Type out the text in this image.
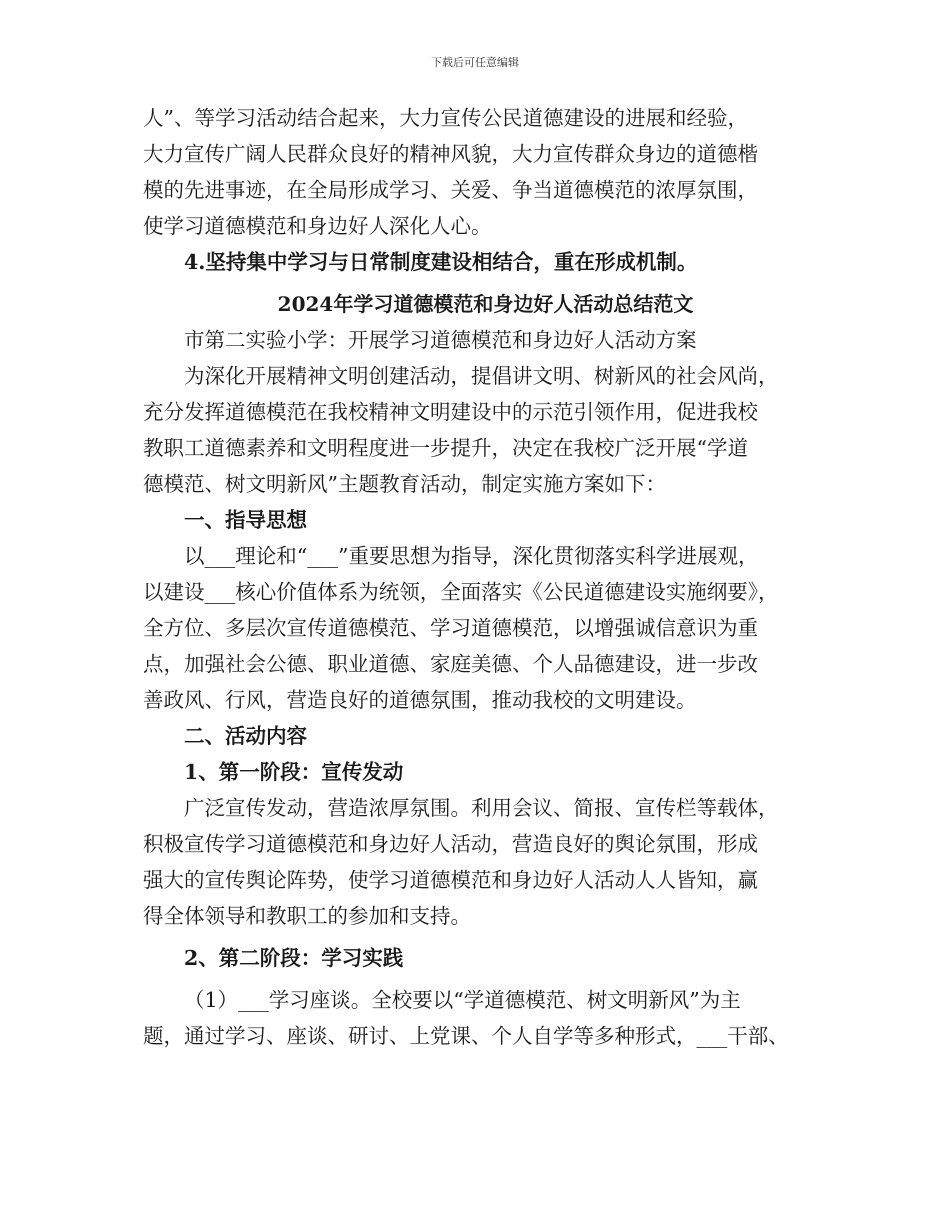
下载后可任意编辑
人”、等学习活动结合起来，大力宣传公民道德建设的进展和经验，
大力宣传广阔人民群众良好的精神风貌，大力宣传群众身边的道德楷
模的先进事迹，在全局形成学习、关爱、争当道德模范的浓厚氛围，
使学习道德模范和身边好人深化人心。
4.坚持集中学习与日常制度建设相结合，重在形成机制。
2024年学习道德模范和身边好人活动总结范文
市第二实验小学：开展学习道德模范和身边好人活动方案
为深化开展精神文明创建活动，提倡讲文明、树新风的社会风尚，
充分发挥道德模范在我校精神文明建设中的示范引领作用，促进我校
教职工道德素养和文明程度进一步提升，决定在我校广泛开展“学道
德模范、树文明新风”主题教育活动，制定实施方案如下：
一、指导思想
以___理论和“___”重要思想为指导，深化贯彻落实科学进展观，
以建设___核心价值体系为统领，全面落实《公民道德建设实施纲要》，
全方位、多层次宣传道德模范、学习道德模范，以增强诚信意识为重
点，加强社会公德、职业道德、家庭美德、个人品德建设，进一步改
善政风、行风，营造良好的道德氛围，推动我校的文明建设。
二、活动内容
1、第一阶段：宣传发动
广泛宣传发动，营造浓厚氛围。利用会议、简报、宣传栏等载体，
积极宣传学习道德模范和身边好人活动，营造良好的舆论氛围，形成
强大的宣传舆论阵势，使学习道德模范和身边好人活动人人皆知，赢
得全体领导和教职工的参加和支持。
2、第二阶段：学习实践
（1）___学习座谈。全校要以“学道德模范、树文明新风”为主
题，通过学习、座谈、研讨、上党课、个人自学等多种形式，___干部、
